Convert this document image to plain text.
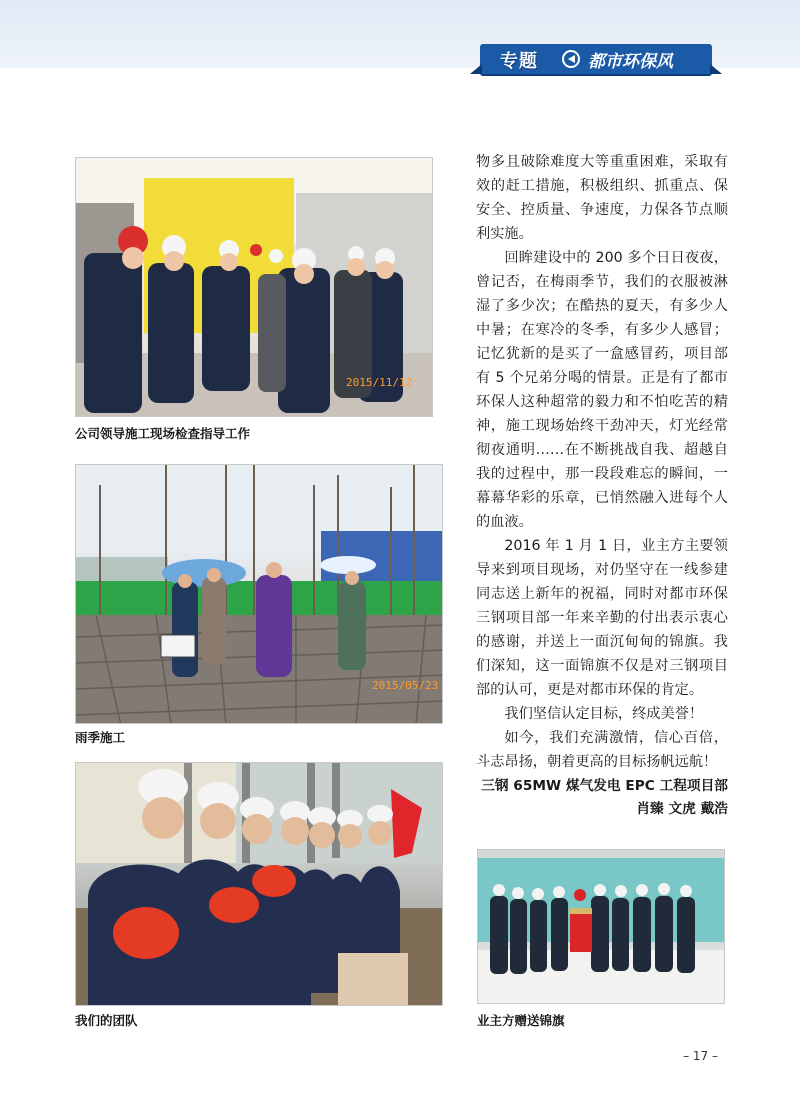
专题	都市环保风
2015/11/12
公司领导施工现场检查指导工作
2015/05/23
雨季施工
我们的团队

物多且破除难度大等重重困难，采取有效的赶工措施，积极组织、抓重点、保安全、控质量、争速度，力保各节点顺利实施。

回眸建设中的 200 多个日日夜夜，曾记否，在梅雨季节，我们的衣服被淋湿了多少次；在酷热的夏天，有多少人中暑；在寒冷的冬季，有多少人感冒；记忆犹新的是买了一盒感冒药，项目部有 5 个兄弟分喝的情景。正是有了都市环保人这种超常的毅力和不怕吃苦的精神，施工现场始终干劲冲天，灯光经常彻夜通明……在不断挑战自我、超越自我的过程中，那一段段难忘的瞬间，一幕幕华彩的乐章，已悄然融入进每个人的血液。

2016 年 1 月 1 日，业主方主要领导来到项目现场，对仍坚守在一线参建同志送上新年的祝福，同时对都市环保三钢项目部一年来辛勤的付出表示衷心的感谢，并送上一面沉甸甸的锦旗。我们深知，这一面锦旗不仅是对三钢项目部的认可，更是对都市环保的肯定。

我们坚信认定目标，终成美誉！

如今，我们充满激情，信心百倍，斗志昂扬，朝着更高的目标扬帆远航！

三钢 65MW 煤气发电 EPC 工程项目部

肖臻 文虎 戴浩

业主方赠送锦旗
– 17 –
